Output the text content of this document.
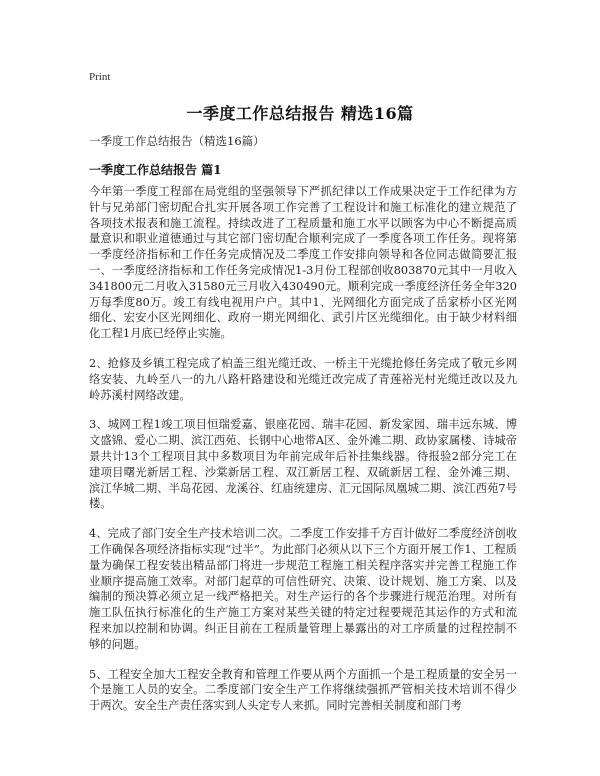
Print
一季度工作总结报告 精选16篇
一季度工作总结报告（精选16篇）
一季度工作总结报告 篇1

今年第一季度工程部在局党组的坚强领导下严抓纪律以工作成果决定于工作纪律为方针与兄弟部门密切配合扎实开展各项工作完善了工程设计和施工标准化的建立规范了各项技术报表和施工流程。持续改进了工程质量和施工水平以顾客为中心不断提高质量意识和职业道德通过与其它部门密切配合顺利完成了一季度各项工作任务。现将第一季度经济指标和工作任务完成情况及二季度工作安排向领导和各位同志做简要汇报一、一季度经济指标和工作任务完成情况1-3月份工程部创收803870元其中一月收入341800元二月收入31580元三月收入430490元。顺利完成一季度经济任务全年320万每季度80万。竣工有线电视用户户。其中1、光网细化方面完成了岳家桥小区光网细化、宏安小区光网细化、政府一期光网细化、武引片区光缆细化。由于缺少材料细化工程1月底已经停止实施。

2、抢修及乡镇工程完成了柏盖三组光缆迁改、一桥主干光缆抢修任务完成了敬元乡网络安装、九岭至八一的九八路杆路建设和光缆迁改完成了青莲裕光村光缆迁改以及九岭苏溪村网络改建。

3、城网工程1竣工项目恒瑞爱嘉、银座花园、瑞丰花园、新发家园、瑞丰远东城、博文盛锦、爱心二期、滨江西苑、长钢中心地带A区、金外滩二期、政协家属楼、诗城帝景共计13个工程项目其中多数项目为年前完成年后补挂集线器。待报验2部分完工在建项目曙光新居工程、沙棠新居工程、双江新居工程、双硫新居工程、金外滩三期、滨江华城二期、半岛花园、龙溪谷、红庙统建房、汇元国际凤凰城二期、滨江西苑7号楼。

4、完成了部门安全生产技术培训二次。二季度工作安排千方百计做好二季度经济创收工作确保各项经济指标实现“过半”。为此部门必须从以下三个方面开展工作1、工程质量为确保工程安装出精品部门将进一步规范工程施工相关程序落实并完善工程施工作业顺序提高施工效率。对部门起草的可信性研究、决策、设计规划、施工方案、以及编制的预决算必须立足一线严格把关。对生产运行的各个步骤进行规范治理。对所有施工队伍执行标准化的生产施工方案对某些关键的特定过程要规范其运作的方式和流程来加以控制和协调。纠正目前在工程质量管理上暴露出的对工序质量的过程控制不够的问题。

5、工程安全加大工程安全教育和管理工作要从两个方面抓一个是工程质量的安全另一个是施工人员的安全。二季度部门安全生产工作将继续强抓严管相关技术培训不得少于两次。安全生产责任落实到人头定专人来抓。同时完善相关制度和部门考
